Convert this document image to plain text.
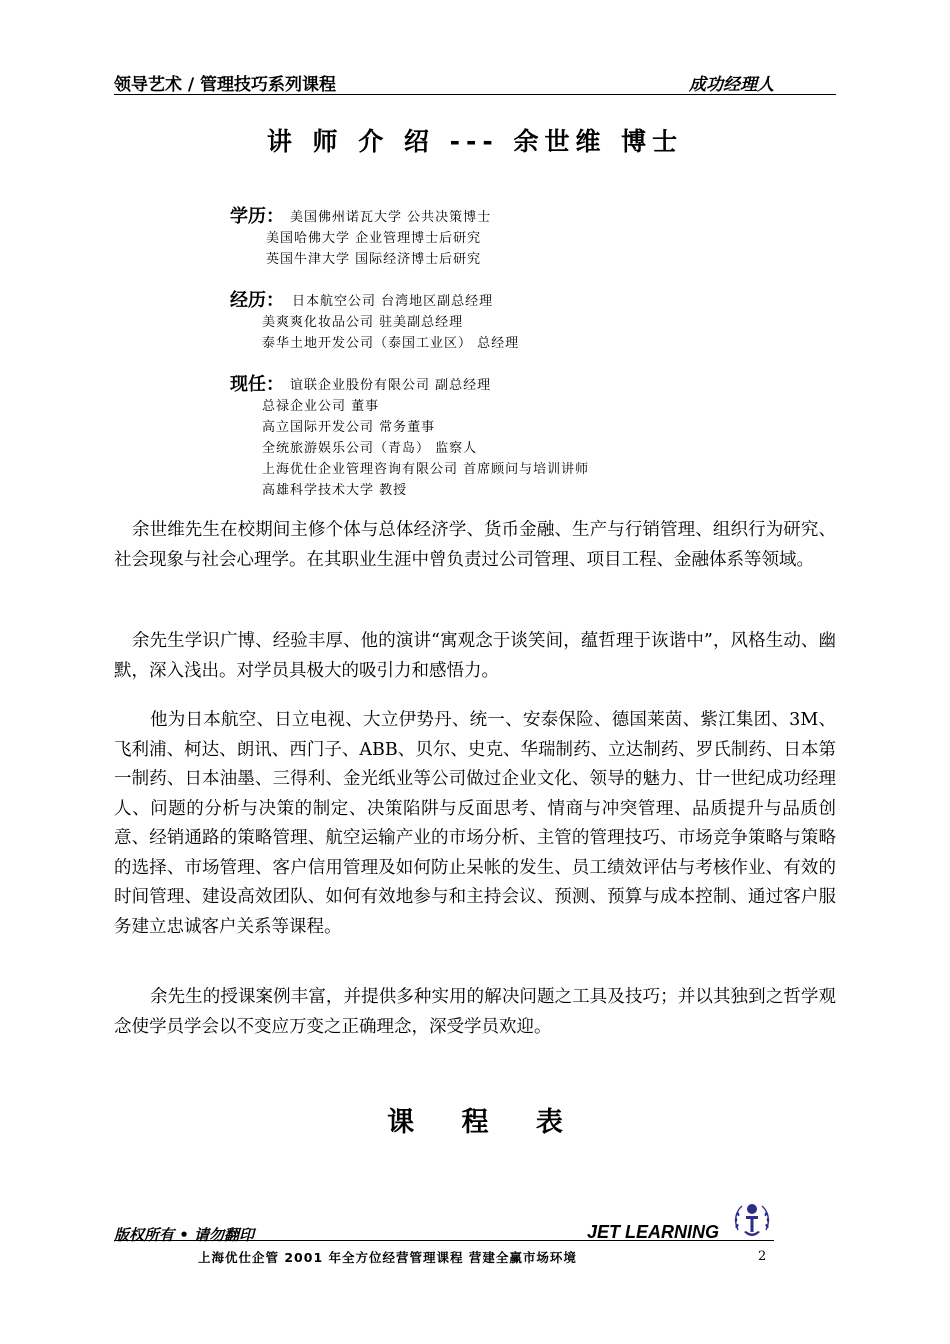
领导艺术 / 管理技巧系列课程	成功经理人
讲 师 介 绍 --- 余世维 博士
学历： 美国佛州诺瓦大学 公共决策博士
美国哈佛大学 企业管理博士后研究
英国牛津大学 国际经济博士后研究
经历： 日本航空公司 台湾地区副总经理
美爽爽化妆品公司 驻美副总经理
泰华土地开发公司（泰国工业区） 总经理
现任： 谊联企业股份有限公司 副总经理
总禄企业公司 董事
高立国际开发公司 常务董事
全统旅游娱乐公司（青岛） 监察人
上海优仕企业管理咨询有限公司 首席顾问与培训讲师
高雄科学技术大学 教授
余世维先生在校期间主修个体与总体经济学、货币金融、生产与行销管理、组织行为研究、社会现象与社会心理学。在其职业生涯中曾负责过公司管理、项目工程、金融体系等领域。
余先生学识广博、经验丰厚、他的演讲“寓观念于谈笑间，蕴哲理于诙谐中”，风格生动、幽默，深入浅出。对学员具极大的吸引力和感悟力。
他为日本航空、日立电视、大立伊势丹、统一、安泰保险、德国莱茵、紫江集团、3M、飞利浦、柯达、朗讯、西门子、ABB、贝尔、史克、华瑞制药、立达制药、罗氏制药、日本第一制药、日本油墨、三得利、金光纸业等公司做过企业文化、领导的魅力、廿一世纪成功经理人、问题的分析与决策的制定、决策陷阱与反面思考、情商与冲突管理、品质提升与品质创意、经销通路的策略管理、航空运输产业的市场分析、主管的管理技巧、市场竞争策略与策略的选择、市场管理、客户信用管理及如何防止呆帐的发生、员工绩效评估与考核作业、有效的时间管理、建设高效团队、如何有效地参与和主持会议、预测、预算与成本控制、通过客户服务建立忠诚客户关系等课程。
余先生的授课案例丰富，并提供多种实用的解决问题之工具及技巧；并以其独到之哲学观念使学员学会以不变应万变之正确理念，深受学员欢迎。
课 程 表
版权所有 • 请勿翻印	JET LEARNING
上海优仕企管 2001 年全方位经营管理课程 营建全赢市场环境	2
